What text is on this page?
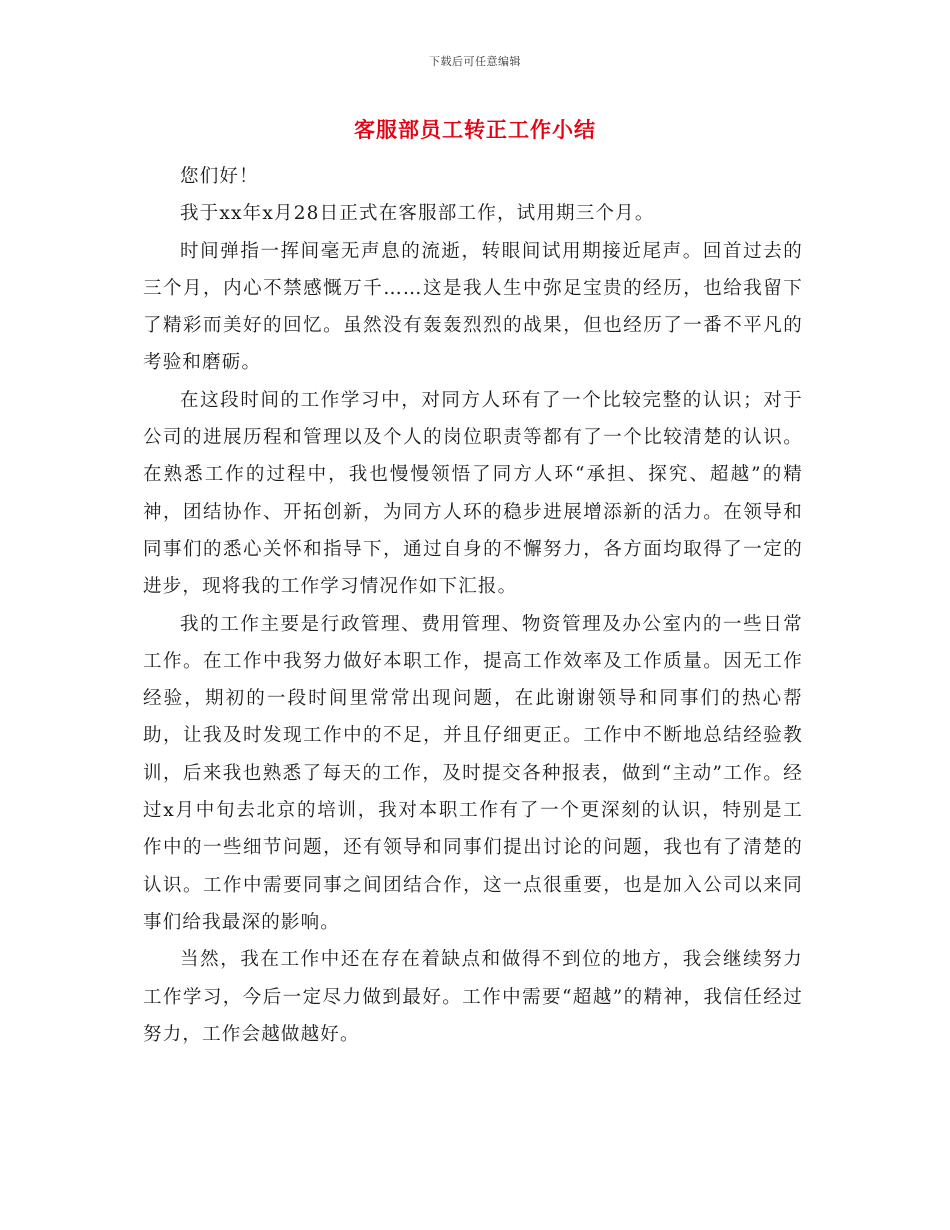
下载后可任意编辑
客服部员工转正工作小结

您们好！

我于xx年x月28日正式在客服部工作，试用期三个月。

时间弹指一挥间毫无声息的流逝，转眼间试用期接近尾声。回首过去的三个月，内心不禁感慨万千……这是我人生中弥足宝贵的经历，也给我留下了精彩而美好的回忆。虽然没有轰轰烈烈的战果，但也经历了一番不平凡的考验和磨砺。

在这段时间的工作学习中，对同方人环有了一个比较完整的认识；对于公司的进展历程和管理以及个人的岗位职责等都有了一个比较清楚的认识。在熟悉工作的过程中，我也慢慢领悟了同方人环“承担、探究、超越”的精神，团结协作、开拓创新，为同方人环的稳步进展增添新的活力。在领导和同事们的悉心关怀和指导下，通过自身的不懈努力，各方面均取得了一定的进步，现将我的工作学习情况作如下汇报。

我的工作主要是行政管理、费用管理、物资管理及办公室内的一些日常工作。在工作中我努力做好本职工作，提高工作效率及工作质量。因无工作经验，期初的一段时间里常常出现问题，在此谢谢领导和同事们的热心帮助，让我及时发现工作中的不足，并且仔细更正。工作中不断地总结经验教训，后来我也熟悉了每天的工作，及时提交各种报表，做到“主动”工作。经过x月中旬去北京的培训，我对本职工作有了一个更深刻的认识，特别是工作中的一些细节问题，还有领导和同事们提出讨论的问题，我也有了清楚的认识。工作中需要同事之间团结合作，这一点很重要，也是加入公司以来同事们给我最深的影响。

当然，我在工作中还在存在着缺点和做得不到位的地方，我会继续努力工作学习，今后一定尽力做到最好。工作中需要“超越”的精神，我信任经过努力，工作会越做越好。
